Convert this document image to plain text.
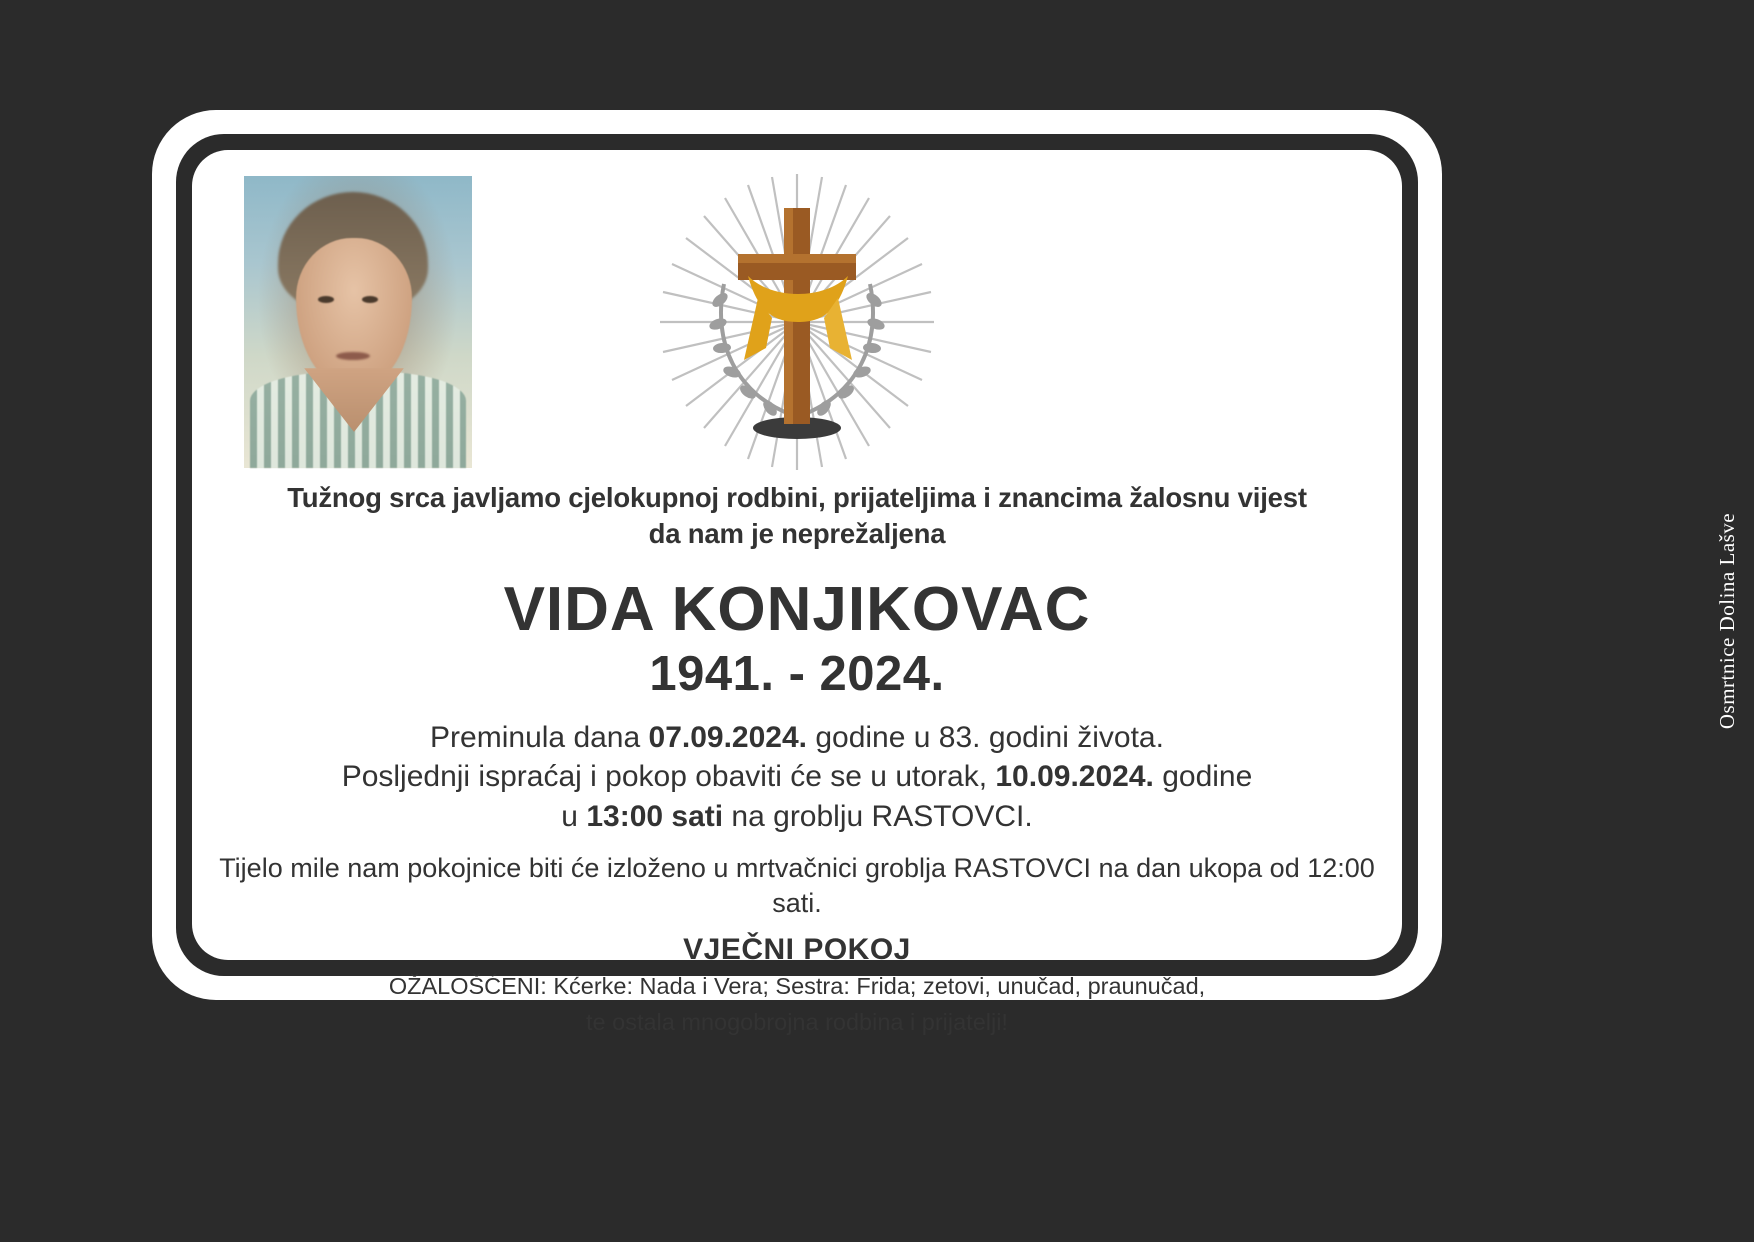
Tužnog srca javljamo cjelokupnoj rodbini, prijateljima i znancima žalosnu vijest
da nam je neprežaljena
VIDA KONJIKOVAC
1941. - 2024.
Preminula dana 07.09.2024. godine u 83. godini života.
Posljednji ispraćaj i pokop obaviti će se u utorak, 10.09.2024. godine
u 13:00 sati na groblju RASTOVCI.
Tijelo mile nam pokojnice biti će izloženo u mrtvačnici groblja RASTOVCI na dan ukopa od 12:00 sati.
VJEČNI POKOJ
OŽALOŠĆENI: Kćerke: Nada i Vera; Sestra: Frida; zetovi, unučad, praunučad,
te ostala mnogobrojna rodbina i prijatelji!
Osmrtnice Dolina Lašve
